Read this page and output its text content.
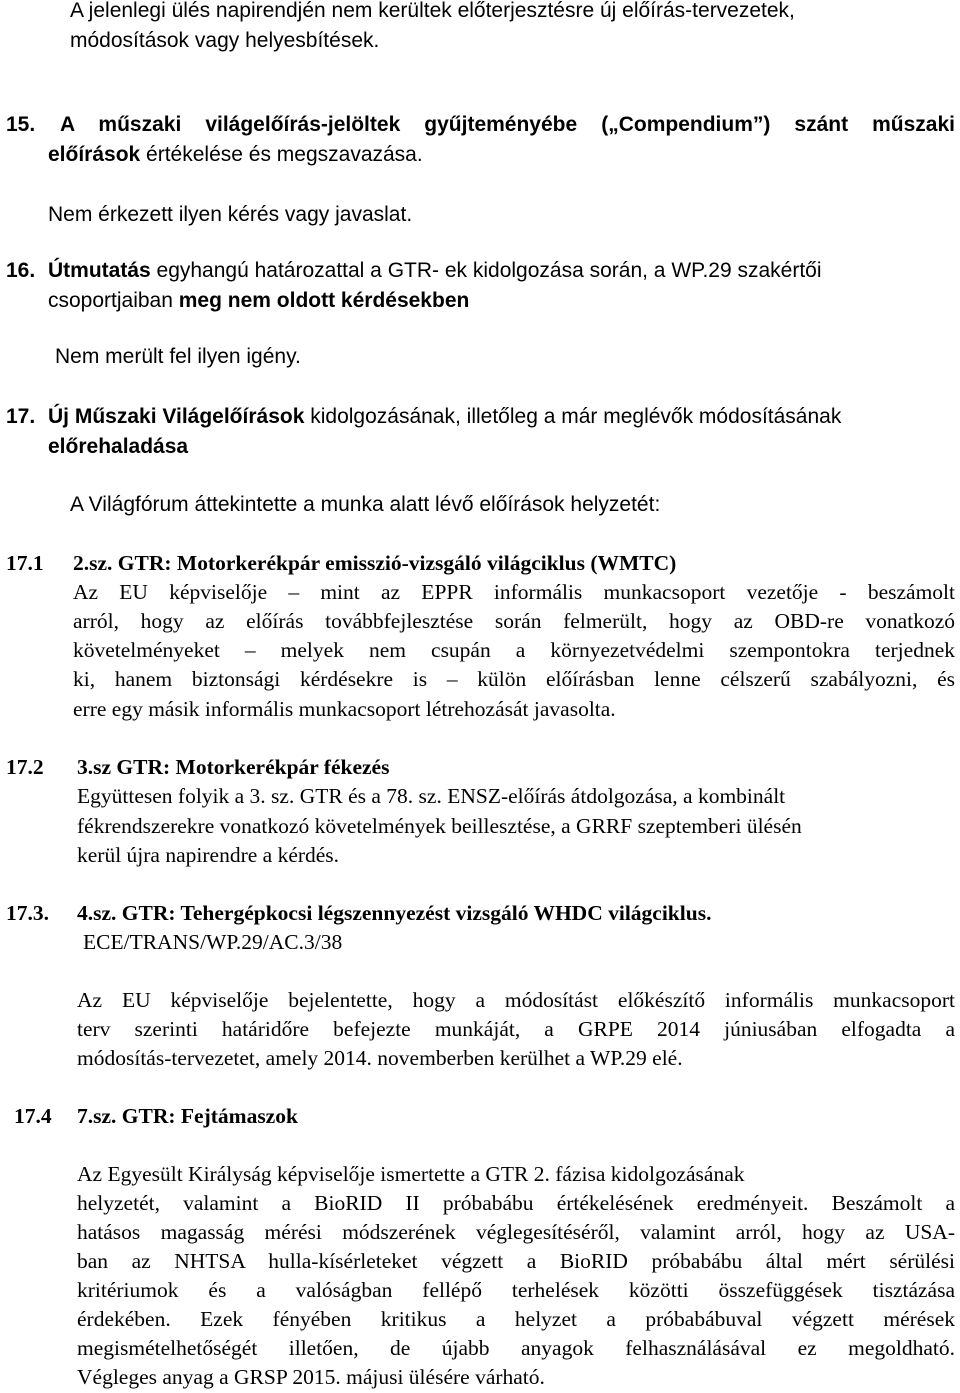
A jelenlegi ülés napirendjén nem kerültek előterjesztésre új előírás-tervezetek,
módosítások vagy helyesbítések.
15. A műszaki világelőírás-jelöltek gyűjteményébe („Compendium”) szánt műszaki
előírások értékelése és megszavazása.
Nem érkezett ilyen kérés vagy javaslat.
16. Útmutatás egyhangú határozattal a GTR- ek kidolgozása során, a WP.29 szakértői
csoportjaiban meg nem oldott kérdésekben
Nem merült fel ilyen igény.
17. Új Műszaki Világelőírások kidolgozásának, illetőleg a már meglévők módosításának
előrehaladása
A Világfórum áttekintette a munka alatt lévő előírások helyzetét:
17.1 2.sz. GTR: Motorkerékpár emisszió-vizsgáló világciklus (WMTC)
Az EU képviselője – mint az EPPR informális munkacsoport vezetője - beszámolt
arról, hogy az előírás továbbfejlesztése során felmerült, hogy az OBD-re vonatkozó
követelményeket – melyek nem csupán a környezetvédelmi szempontokra terjednek
ki, hanem biztonsági kérdésekre is – külön előírásban lenne célszerű szabályozni, és
erre egy másik informális munkacsoport létrehozását javasolta.
17.2 3.sz GTR: Motorkerékpár fékezés
Együttesen folyik a 3. sz. GTR és a 78. sz. ENSZ-előírás átdolgozása, a kombinált
fékrendszerekre vonatkozó követelmények beillesztése, a GRRF szeptemberi ülésén
kerül újra napirendre a kérdés.
17.3. 4.sz. GTR: Tehergépkocsi légszennyezést vizsgáló WHDC világciklus.
ECE/TRANS/WP.29/AC.3/38
Az EU képviselője bejelentette, hogy a módosítást előkészítő informális munkacsoport
terv szerinti határidőre befejezte munkáját, a GRPE 2014 júniusában elfogadta a
módosítás-tervezetet, amely 2014. novemberben kerülhet a WP.29 elé.
17.4 7.sz. GTR: Fejtámaszok
Az Egyesült Királyság képviselője ismertette a GTR 2. fázisa kidolgozásának
helyzetét, valamint a BioRID II próbabábu értékelésének eredményeit. Beszámolt a
hatásos magasság mérési módszerének véglegesítéséről, valamint arról, hogy az USA-
ban az NHTSA hulla-kísérleteket végzett a BioRID próbabábu által mért sérülési
kritériumok és a valóságban fellépő terhelések közötti összefüggések tisztázása
érdekében. Ezek fényében kritikus a helyzet a próbabábuval végzett mérések
megismételhetőségét illetően, de újabb anyagok felhasználásával ez megoldható.
Végleges anyag a GRSP 2015. májusi ülésére várható.
